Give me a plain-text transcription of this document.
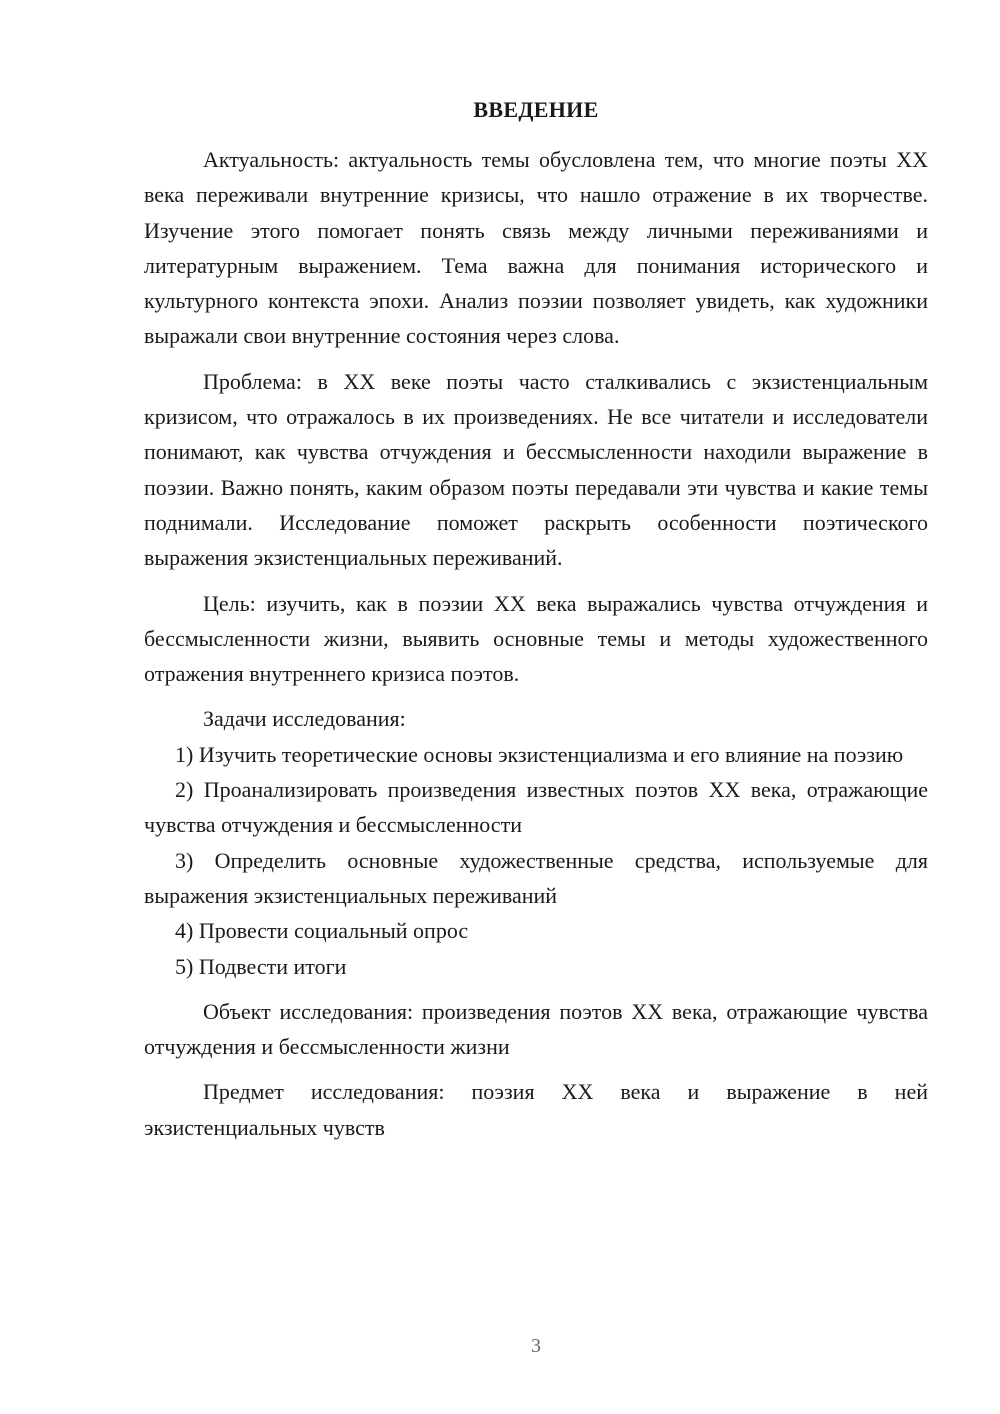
ВВЕДЕНИЕ

Актуальность: актуальность темы обусловлена тем, что многие поэты XX века переживали внутренние кризисы, что нашло отражение в их творчестве. Изучение этого помогает понять связь между личными переживаниями и литературным выражением. Тема важна для понимания исторического и культурного контекста эпохи. Анализ поэзии позволяет увидеть, как художники выражали свои внутренние состояния через слова.

Проблема: в XX веке поэты часто сталкивались с экзистенциальным кризисом, что отражалось в их произведениях. Не все читатели и исследователи понимают, как чувства отчуждения и бессмысленности находили выражение в поэзии. Важно понять, каким образом поэты передавали эти чувства и какие темы поднимали. Исследование поможет раскрыть особенности поэтического выражения экзистенциальных переживаний.

Цель: изучить, как в поэзии XX века выражались чувства отчуждения и бессмысленности жизни, выявить основные темы и методы художественного отражения внутреннего кризиса поэтов.

Задачи исследования:

1) Изучить теоретические основы экзистенциализма и его влияние на поэзию

2) Проанализировать произведения известных поэтов XX века, отражающие чувства отчуждения и бессмысленности

3) Определить основные художественные средства, используемые для выражения экзистенциальных переживаний

4) Провести социальный опрос

5) Подвести итоги

Объект исследования: произведения поэтов XX века, отражающие чувства отчуждения и бессмысленности жизни

Предмет исследования: поэзия XX века и выражение в ней экзистенциальных чувств

3
